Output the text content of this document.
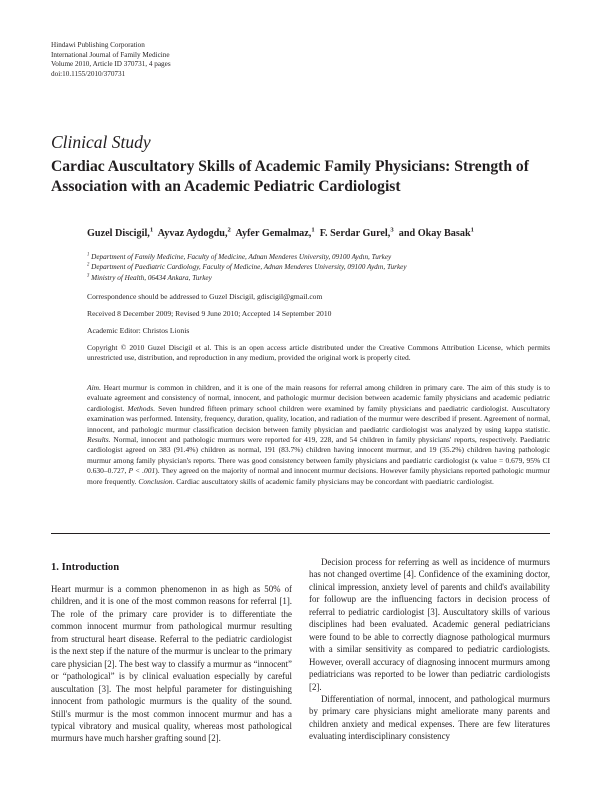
Hindawi Publishing Corporation
International Journal of Family Medicine
Volume 2010, Article ID 370731, 4 pages
doi:10.1155/2010/370731
Clinical Study
Cardiac Auscultatory Skills of Academic Family Physicians: Strength of Association with an Academic Pediatric Cardiologist
Guzel Discigil,$^1$ Ayvaz Aydogdu,$^2$ Ayfer Gemalmaz,$^1$ F. Serdar Gurel,$^3$ and Okay Basak$^1$
$^1$ Department of Family Medicine, Faculty of Medicine, Adnan Menderes University, 09100 Aydın, Turkey
$^2$ Department of Paediatric Cardiology, Faculty of Medicine, Adnan Menderes University, 09100 Aydın, Turkey
$^3$ Ministry of Health, 06434 Ankara, Turkey
Correspondence should be addressed to Guzel Discigil, gdiscigil@gmail.com
Received 8 December 2009; Revised 9 June 2010; Accepted 14 September 2010
Academic Editor: Christos Lionis
Copyright © 2010 Guzel Discigil et al. This is an open access article distributed under the Creative Commons Attribution License, which permits unrestricted use, distribution, and reproduction in any medium, provided the original work is properly cited.
Aim. Heart murmur is common in children, and it is one of the main reasons for referral among children in primary care. The aim of this study is to evaluate agreement and consistency of normal, innocent, and pathologic murmur decision between academic family physicians and academic pediatric cardiologist. Methods. Seven hundred fifteen primary school children were examined by family physicians and paediatric cardiologist. Auscultatory examination was performed. Intensity, frequency, duration, quality, location, and radiation of the murmur were described if present. Agreement of normal, innocent, and pathologic murmur classification decision between family physician and paediatric cardiologist was analyzed by using kappa statistic. Results. Normal, innocent and pathologic murmurs were reported for 419, 228, and 54 children in family physicians' reports, respectively. Paediatric cardiologist agreed on 383 (91.4%) children as normal, 191 (83.7%) children having innocent murmur, and 19 (35.2%) children having pathologic murmur among family physician's reports. There was good consistency between family physicians and paediatric cardiologist (κ value = 0.679, 95% CI 0.630–0.727, P < .001). They agreed on the majority of normal and innocent murmur decisions. However family physicians reported pathologic murmur more frequently. Conclusion. Cardiac auscultatory skills of academic family physicians may be concordant with paediatric cardiologist.
1. Introduction

Heart murmur is a common phenomenon in as high as 50% of children, and it is one of the most common reasons for referral [1]. The role of the primary care provider is to differentiate the common innocent murmur from pathological murmur resulting from structural heart disease. Referral to the pediatric cardiologist is the next step if the nature of the murmur is unclear to the primary care physician [2]. The best way to classify a murmur as “innocent” or “pathological” is by clinical evaluation especially by careful auscultation [3]. The most helpful parameter for distinguishing innocent from pathologic murmurs is the quality of the sound. Still's murmur is the most common innocent murmur and has a typical vibratory and musical quality, whereas most pathological murmurs have much harsher grafting sound [2].

Decision process for referring as well as incidence of murmurs has not changed overtime [4]. Confidence of the examining doctor, clinical impression, anxiety level of parents and child's availability for followup are the influencing factors in decision process of referral to pediatric cardiologist [3]. Auscultatory skills of various disciplines had been evaluated. Academic general pediatricians were found to be able to correctly diagnose pathological murmurs with a similar sensitivity as compared to pediatric cardiologists. However, overall accuracy of diagnosing innocent murmurs among pediatricians was reported to be lower than pediatric cardiologists [2].

Differentiation of normal, innocent, and pathological murmurs by primary care physicians might ameliorate many parents and children anxiety and medical expenses. There are few literatures evaluating interdisciplinary consistency
